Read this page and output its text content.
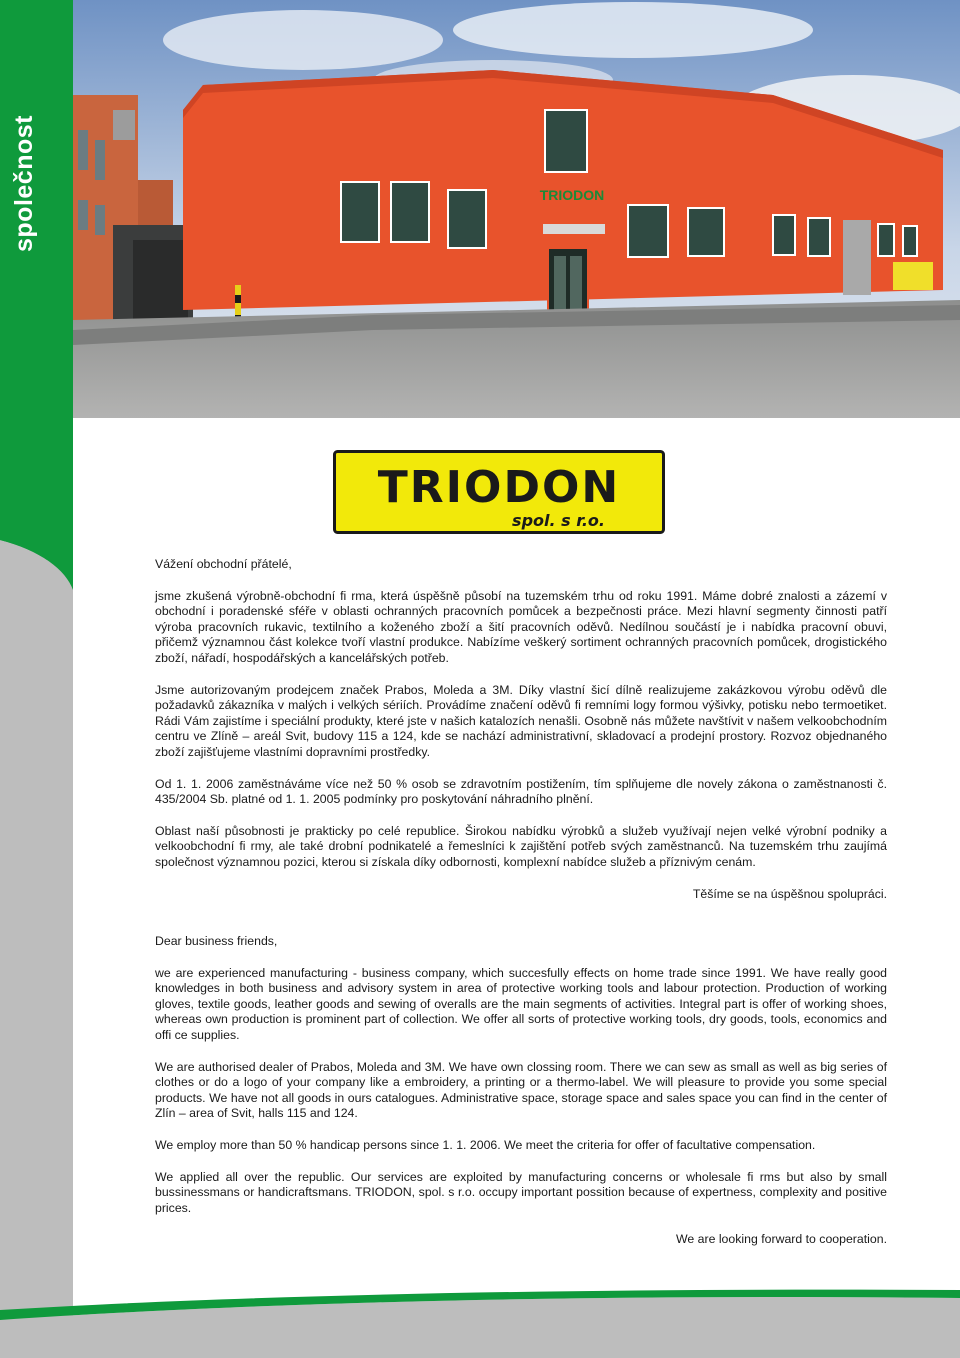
společnost	TRIODON
TRIODON
spol. s r.o.

Vážení obchodní přátelé,

jsme zkušená výrobně-obchodní fi rma, která úspěšně působí na tuzemském trhu od roku 1991. Máme dobré znalosti a zázemí v obchodní i poradenské sféře v oblasti ochranných pracovních pomůcek a bezpečnosti práce. Mezi hlavní segmenty činnosti patří výroba pracovních rukavic, textilního a koženého zboží a šití pracovních oděvů. Nedílnou součástí je i nabídka pracovní obuvi, přičemž významnou část kolekce tvoří vlastní produkce. Nabízíme veškerý sortiment ochranných pracovních pomůcek, drogistického zboží, nářadí, hospodářských a kancelářských potřeb.

Jsme autorizovaným prodejcem značek Prabos, Moleda a 3M. Díky vlastní šicí dílně realizujeme zakázkovou výrobu oděvů dle požadavků zákazníka v malých i velkých sériích. Provádíme značení oděvů fi remními logy formou výšivky, potisku nebo termoetiket. Rádi Vám zajistíme i speciální produkty, které jste v našich katalozích nenašli. Osobně nás můžete navštívit v našem velkoobchodním centru ve Zlíně – areál Svit, budovy 115 a 124, kde se nachází administrativní, skladovací a prodejní prostory. Rozvoz objednaného zboží zajišťujeme vlastními dopravními prostředky.

Od 1. 1. 2006 zaměstnáváme více než 50 % osob se zdravotním postižením, tím splňujeme dle novely zákona o zaměstnanosti č. 435/2004 Sb. platné od 1. 1. 2005 podmínky pro poskytování náhradního plnění.

Oblast naší působnosti je prakticky po celé republice. Širokou nabídku výrobků a služeb využívají nejen velké výrobní podniky a velkoobchodní fi rmy, ale také drobní podnikatelé a řemeslníci k zajištění potřeb svých zaměstnanců. Na tuzemském trhu zaujímá společnost významnou pozici, kterou si získala díky odbornosti, komplexní nabídce služeb a příznivým cenám.

Těšíme se na úspěšnou spolupráci.

Dear business friends,

we are experienced manufacturing - business company, which succesfully effects on home trade since 1991. We have really good knowledges in both business and advisory system in area of protective working tools and labour protection. Production of working gloves, textile goods, leather goods and sewing of overalls are the main segments of activities. Integral part is offer of working shoes, whereas own production is prominent part of collection. We offer all sorts of protective working tools, dry goods, tools, economics and offi ce supplies.

We are authorised dealer of Prabos, Moleda and 3M. We have own clossing room. There we can sew as small as well as big series of clothes or do a logo of your company like a embroidery, a printing or a thermo-label. We will pleasure to provide you some special products. We have not all goods in ours catalogues. Administrative space, storage space and sales space you can find in the center of Zlín – area of Svit, halls 115 and 124.

We employ more than 50 % handicap persons since 1. 1. 2006. We meet the criteria for offer of facultative compensation.

We applied all over the republic. Our services are exploited by manufacturing concerns or wholesale fi rms but also by small bussinessmans or handicraftsmans. TRIODON, spol. s r.o. occupy important possition because of expertness, complexity and positive prices.

We are looking forward to cooperation.
